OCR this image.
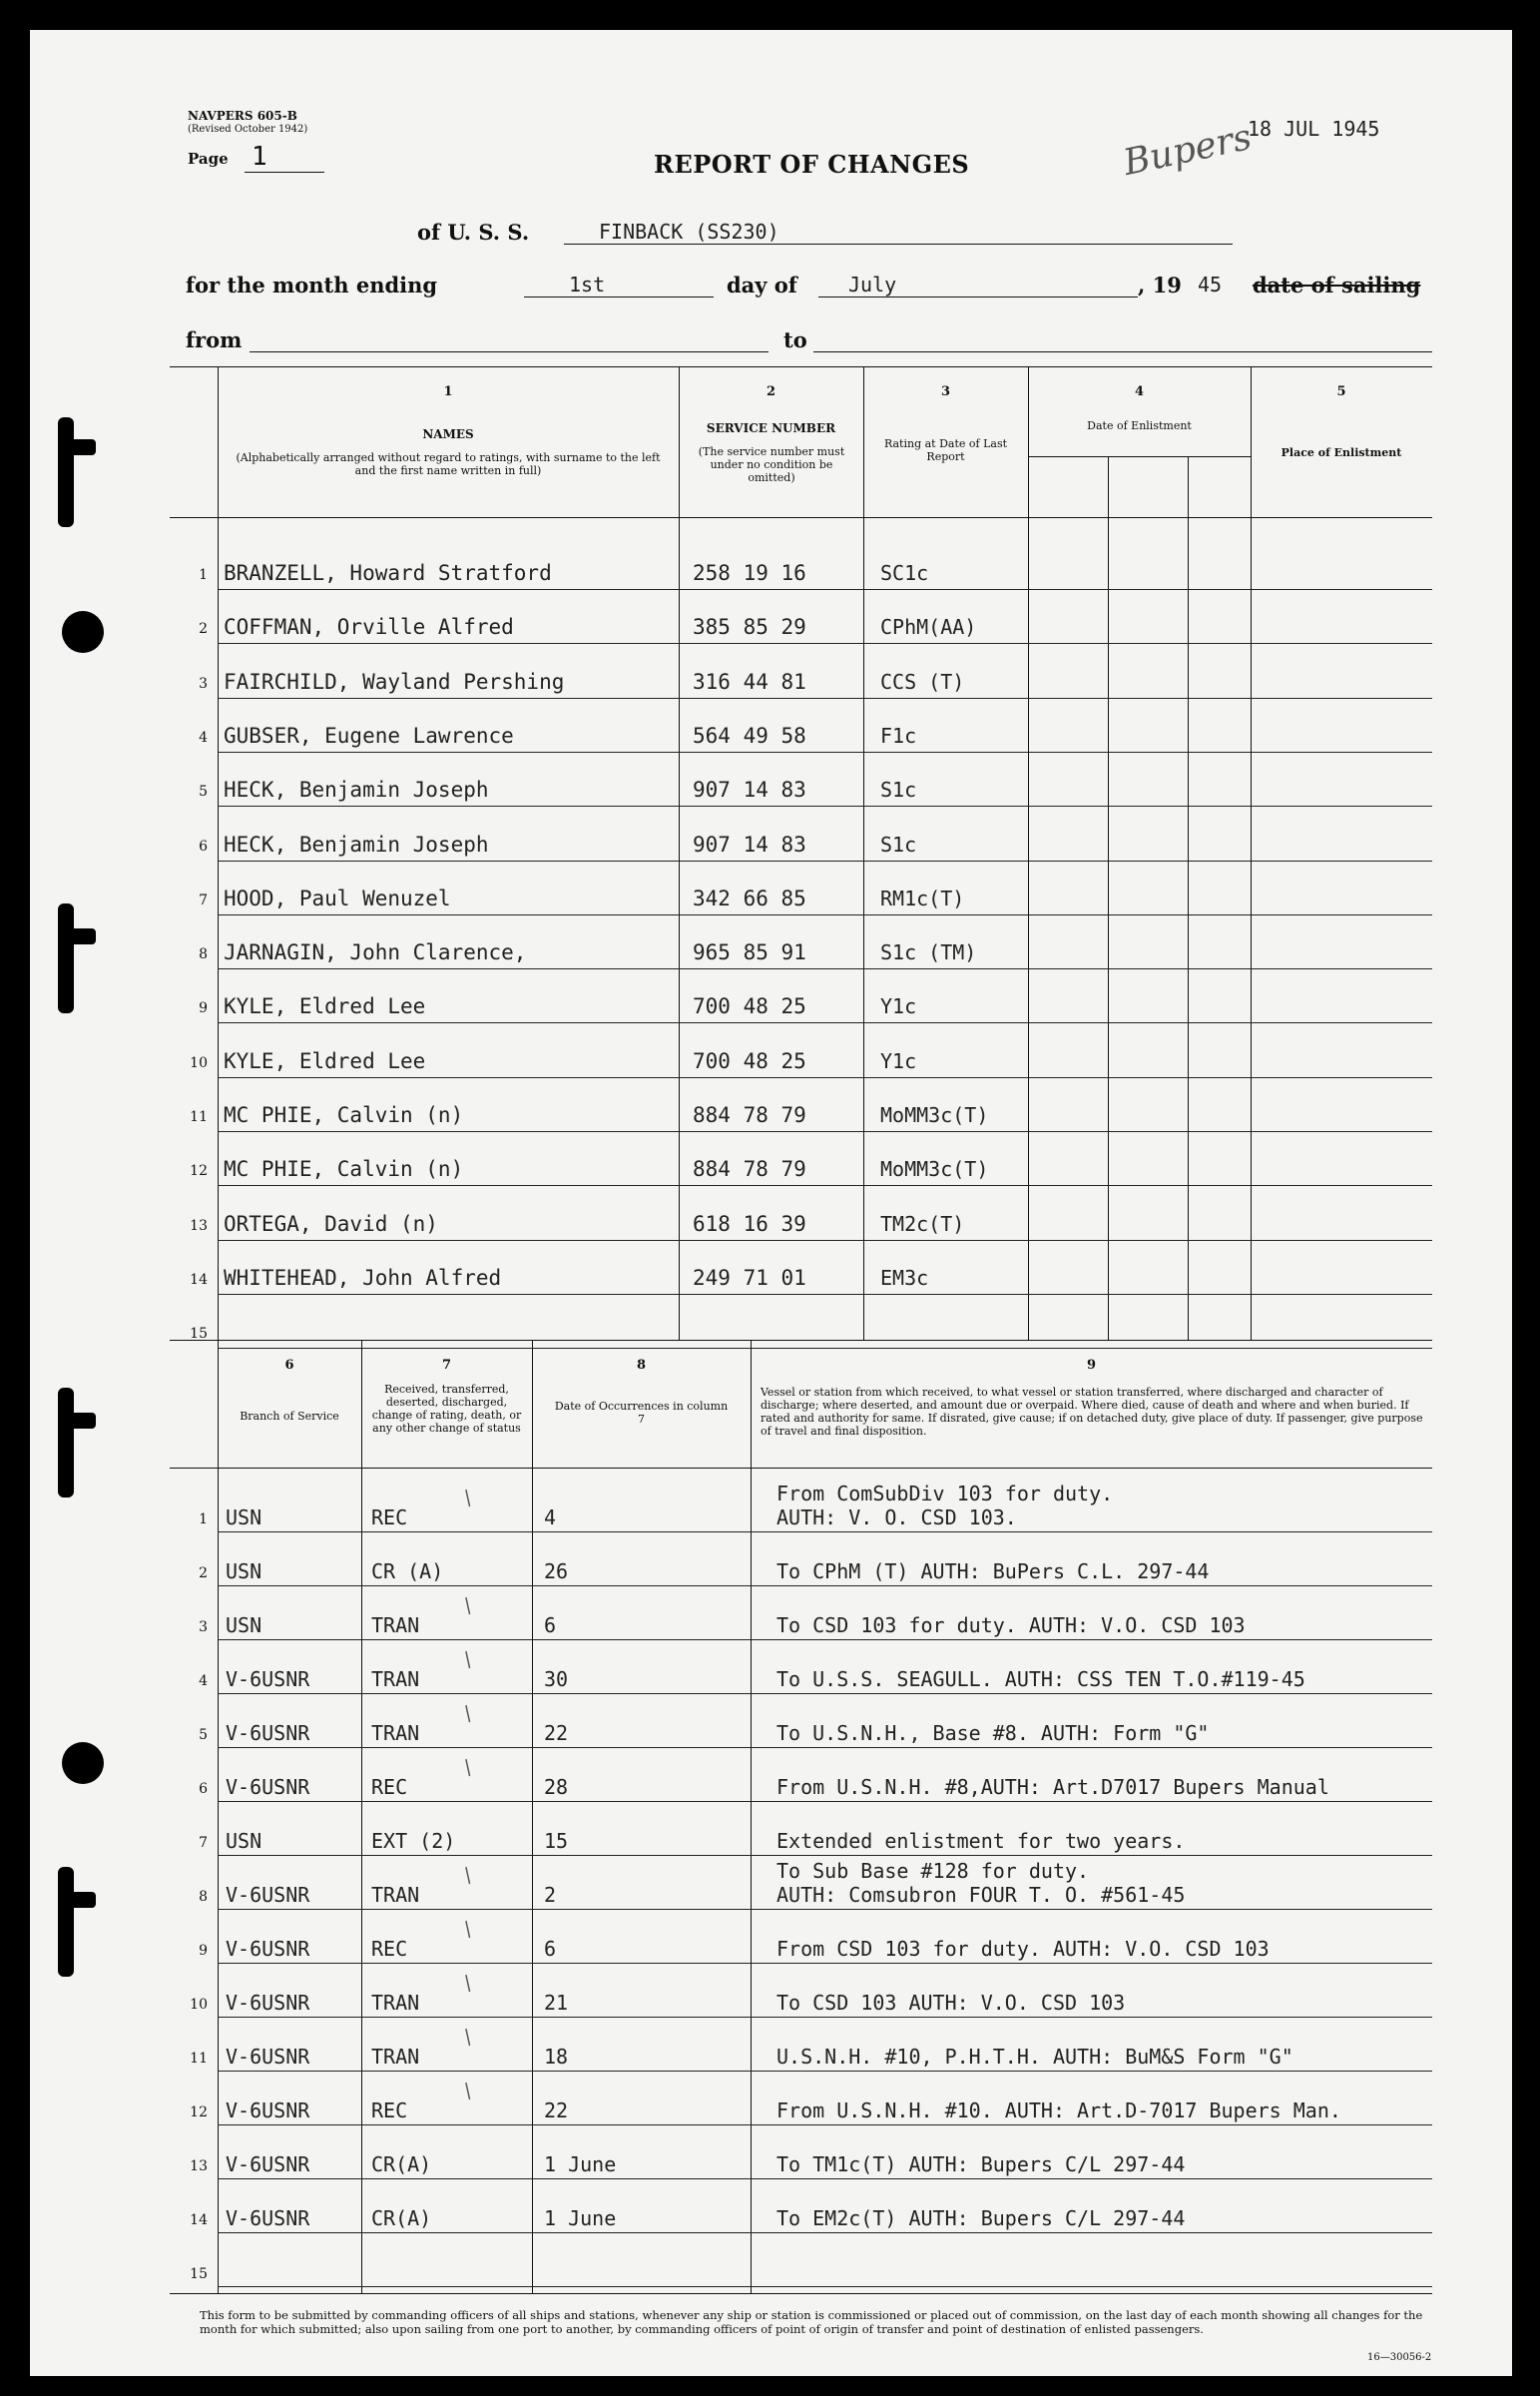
NAVPERS 605-B
(Revised October 1942)
Page 1	REPORT OF CHANGES	Bupers
18 JUL 1945
of U. S. S.	FINBACK (SS230)
for the month ending	1st	day of	July	, 19 45 date of sailing
from	to
1
NAMES
(Alphabetically arranged without regard to ratings, with surname to the left and the first name written in full)
2
SERVICE NUMBER
(The service number must under no condition be omitted)
3
Rating at Date of Last Report
4
Date of Enlistment
5
Place of Enlistment
1 BRANZELL, Howard Stratford	258 19 16	SC1c
2 COFFMAN, Orville Alfred	385 85 29	CPhM(AA)
3 FAIRCHILD, Wayland Pershing	316 44 81	CCS (T)
4 GUBSER, Eugene Lawrence	564 49 58	F1c
5 HECK, Benjamin Joseph	907 14 83	S1c
6 HECK, Benjamin Joseph	907 14 83	S1c
7 HOOD, Paul Wenuzel	342 66 85	RM1c(T)
8 JARNAGIN, John Clarence,	965 85 91	S1c (TM)
9 KYLE, Eldred Lee	700 48 25	Y1c
10 KYLE, Eldred Lee	700 48 25	Y1c
11 MC PHIE, Calvin (n)	884 78 79	MoMM3c(T)
12 MC PHIE, Calvin (n)	884 78 79	MoMM3c(T)
13 ORTEGA, David (n)	618 16 39	TM2c(T)
14 WHITEHEAD, John Alfred	249 71 01	EM3c
15
6
Branch of Service
7
Received, transferred, deserted, discharged, change of rating, death, or any other change of status
8
Date of Occurrences in column 7
9
Vessel or station from which received, to what vessel or station transferred, where discharged and character of discharge; where deserted, and amount due or overpaid. Where died, cause of death and where and when buried. If rated and authority for same. If disrated, give cause; if on detached duty, give place of duty. If passenger, give purpose of travel and final disposition.
1 USN	REC	4
From ComSubDiv 103 for duty.
AUTH: V. O. CSD 103.
/
2 USN	CR (A)	26	To CPhM (T) AUTH: BuPers C.L. 297-44
3 USN	TRAN	6	To CSD 103 for duty. AUTH: V.O. CSD 103
/
4 V-6USNR	TRAN	30	To U.S.S. SEAGULL. AUTH: CSS TEN T.O.#119-45
/
5 V-6USNR	TRAN	22	To U.S.N.H., Base #8. AUTH: Form "G"
/
6 V-6USNR	REC	28	From U.S.N.H. #8,AUTH: Art.D7017 Bupers Manual
/
7 USN	EXT (2)	15	Extended enlistment for two years.
8 V-6USNR	TRAN	2
To Sub Base #128 for duty.
AUTH: Comsubron FOUR T. O. #561-45
/
9 V-6USNR	REC	6	From CSD 103 for duty. AUTH: V.O. CSD 103
/
10 V-6USNR	TRAN	21	To CSD 103 AUTH: V.O. CSD 103
/
11 V-6USNR	TRAN	18	U.S.N.H. #10, P.H.T.H. AUTH: BuM&S Form "G"
/
12 V-6USNR	REC	22	From U.S.N.H. #10. AUTH: Art.D-7017 Bupers Man.
/
13 V-6USNR	CR(A)	1 June	To TM1c(T) AUTH: Bupers C/L 297-44
14 V-6USNR	CR(A)	1 June	To EM2c(T) AUTH: Bupers C/L 297-44
15
This form to be submitted by commanding officers of all ships and stations, whenever any ship or station is commissioned or placed out of commission, on the last day of each month showing all changes for the month for which submitted; also upon sailing from one port to another, by commanding officers of point of origin of transfer and point of destination of enlisted passengers.
16—30056-2
